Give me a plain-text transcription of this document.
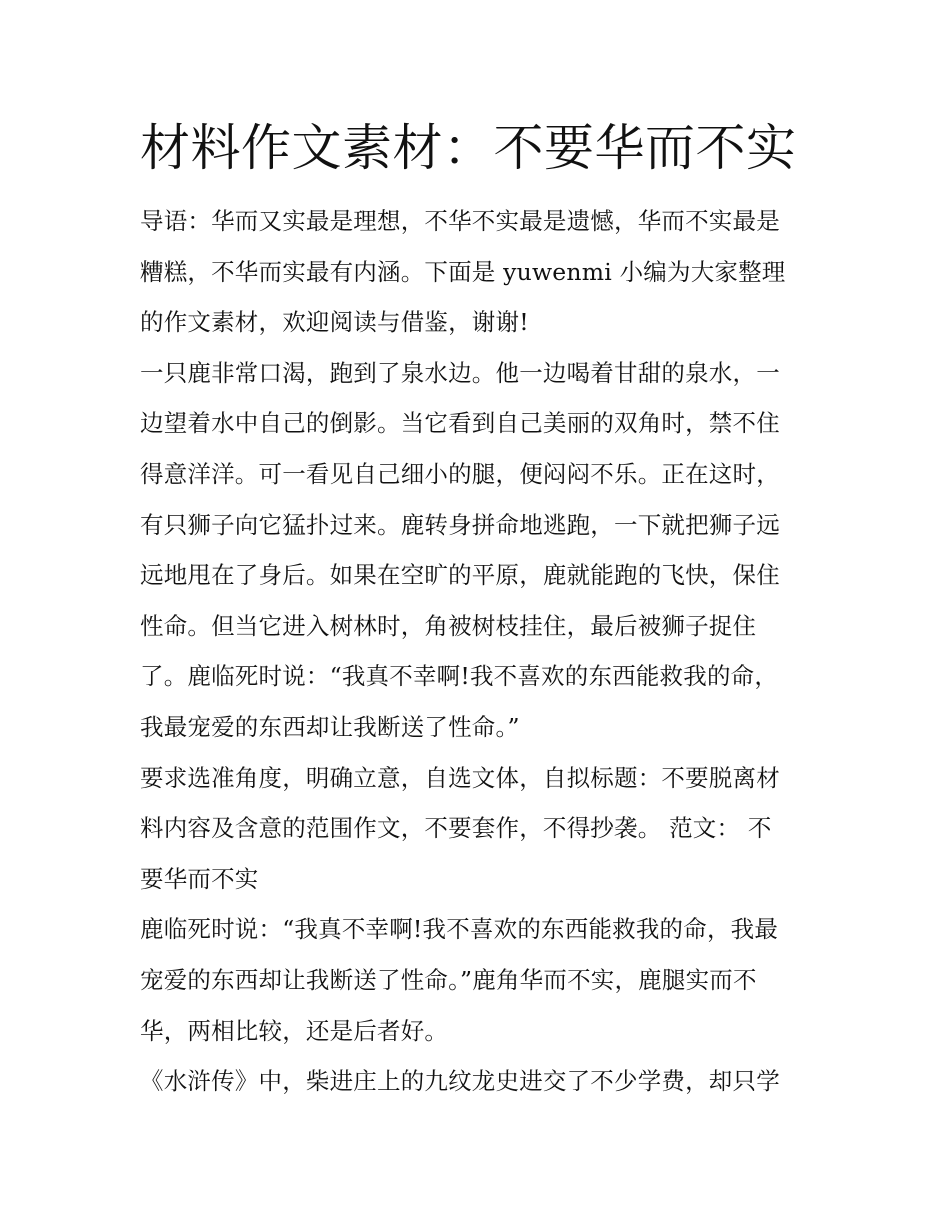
材料作文素材：不要华而不实
导语：华而又实最是理想，不华不实最是遗憾，华而不实最是
糟糕，不华而实最有内涵。下面是 yuwenmi 小编为大家整理
的作文素材，欢迎阅读与借鉴，谢谢!
一只鹿非常口渴，跑到了泉水边。他一边喝着甘甜的泉水，一
边望着水中自己的倒影。当它看到自己美丽的双角时，禁不住
得意洋洋。可一看见自己细小的腿，便闷闷不乐。正在这时，
有只狮子向它猛扑过来。鹿转身拼命地逃跑，一下就把狮子远
远地甩在了身后。如果在空旷的平原，鹿就能跑的飞快，保住
性命。但当它进入树林时，角被树枝挂住，最后被狮子捉住
了。鹿临死时说：“我真不幸啊!我不喜欢的东西能救我的命，
我最宠爱的东西却让我断送了性命。”
要求选准角度，明确立意，自选文体，自拟标题：不要脱离材
料内容及含意的范围作文，不要套作，不得抄袭。 范文： 不
要华而不实
鹿临死时说：“我真不幸啊!我不喜欢的东西能救我的命，我最
宠爱的东西却让我断送了性命。”鹿角华而不实，鹿腿实而不
华，两相比较，还是后者好。
《水浒传》中，柴进庄上的九纹龙史进交了不少学费，却只学
